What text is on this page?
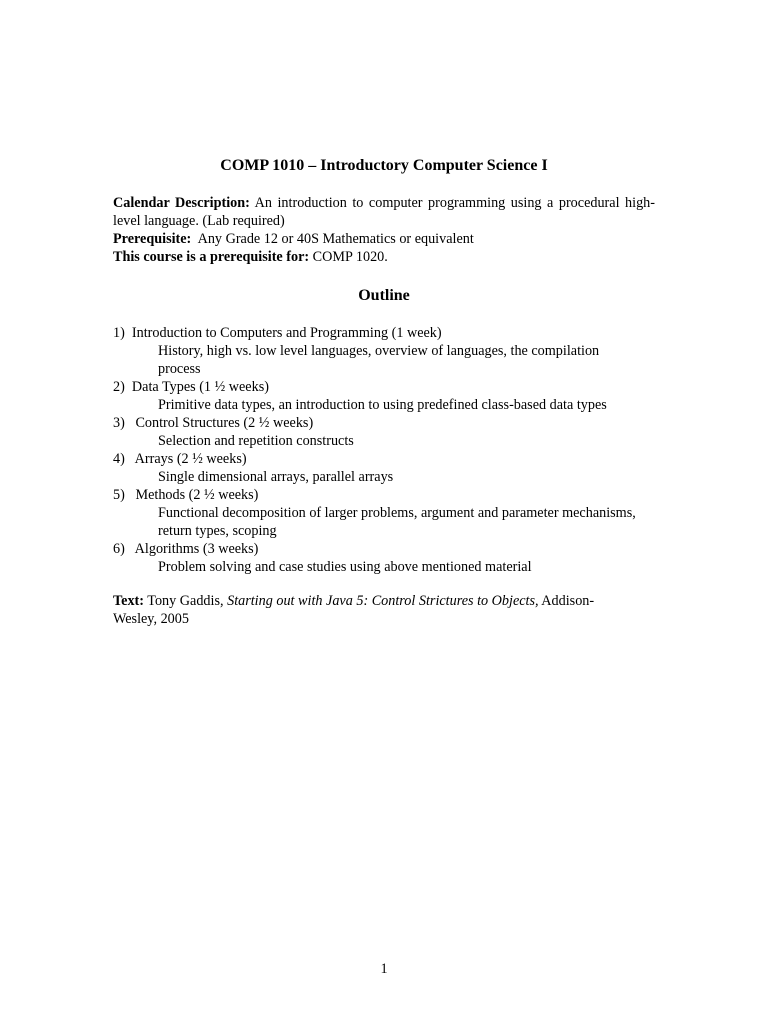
COMP 1010 – Introductory Computer Science I
Calendar Description: An introduction to computer programming using a procedural high-level language. (Lab required)
Prerequisite:  Any Grade 12 or 40S Mathematics or equivalent
This course is a prerequisite for: COMP 1020.
Outline
1)  Introduction to Computers and Programming (1 week)
History, high vs. low level languages, overview of languages, the compilation process
2)  Data Types (1 ½ weeks)
Primitive data types, an introduction to using predefined class-based data types
3)   Control Structures (2 ½ weeks)
Selection and repetition constructs
4)   Arrays (2 ½ weeks)
Single dimensional arrays, parallel arrays
5)   Methods (2 ½ weeks)
Functional decomposition of larger problems, argument and parameter mechanisms, return types, scoping
6)   Algorithms (3 weeks)
Problem solving and case studies using above mentioned material
Text: Tony Gaddis, Starting out with Java 5: Control Strictures to Objects, Addison-Wesley, 2005
1
